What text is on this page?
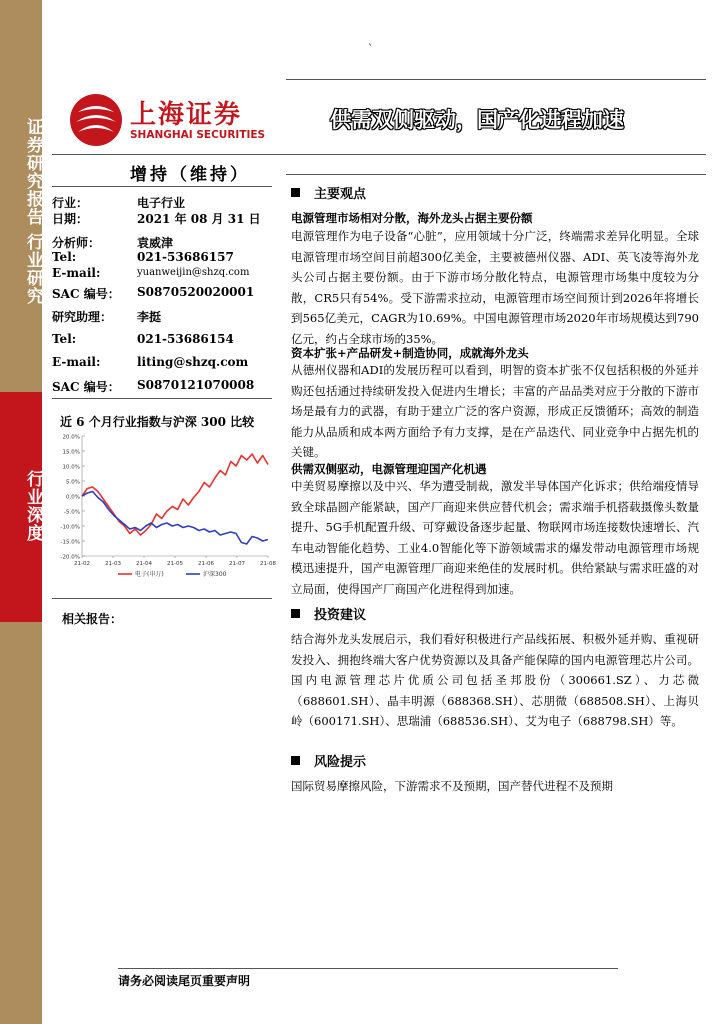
证券研究报告 行业研究
行业深度
ˋ
上海证券
SHANGHAI SECURITIES
供需双侧驱动，国产化进程加速
增持（维持）
行业：	电子行业
日期：	2021 年 08 月 31 日
分析师：	袁威津
Tel:	021-53686157
E-mail:	yuanweijin@shzq.com
SAC 编号： S0870520020001
研究助理： 李挺
Tel:	021-53686154
E-mail:	liting@shzq.com
SAC 编号： S0870121070008
近 6 个月行业指数与沪深 300 比较
20.0%
15.0%
10.0%
5.0%
0.0%
-5.0%
-10.0%
-15.0%
-20.0%
21-02	21-03	21-04	21-05	21-06	21-07	21-08
电子(申万)	沪深300
相关报告：
主要观点
电源管理市场相对分散，海外龙头占据主要份额
电源管理作为电子设备“心脏”，应用领域十分广泛，终端需求差异化明显。全球电源管理市场空间目前超300亿美金，主要被德州仪器、ADI、英飞凌等海外龙头公司占据主要份额。由于下游市场分散化特点，电源管理市场集中度较为分散，CR5只有54%。受下游需求拉动，电源管理市场空间预计到2026年将增长到565亿美元，CAGR为10.69%。中国电源管理市场2020年市场规模达到790亿元，约占全球市场的35%。
资本扩张+产品研发+制造协同，成就海外龙头
从德州仪器和ADI的发展历程可以看到，明智的资本扩张不仅包括积极的外延并购还包括通过持续研发投入促进内生增长；丰富的产品品类对应于分散的下游市场是最有力的武器，有助于建立广泛的客户资源，形成正反馈循环；高效的制造能力从品质和成本两方面给予有力支撑，是在产品迭代、同业竞争中占据先机的关键。
供需双侧驱动，电源管理迎国产化机遇
中美贸易摩擦以及中兴、华为遭受制裁，激发半导体国产化诉求；供给端疫情导致全球晶圆产能紧缺，国产厂商迎来供应替代机会；需求端手机搭载摄像头数量提升、5G手机配置升级、可穿戴设备逐步起量、物联网市场连接数快速增长、汽车电动智能化趋势、工业4.0智能化等下游领域需求的爆发带动电源管理市场规模迅速提升，国产电源管理厂商迎来绝佳的发展时机。供给紧缺与需求旺盛的对立局面，使得国产厂商国产化进程得到加速。
投资建议
结合海外龙头发展启示，我们看好积极进行产品线拓展、积极外延并购、重视研发投入、拥抱终端大客户优势资源以及具备产能保障的国内电源管理芯片公司。国内电源管理芯片优质公司包括圣邦股份（300661.SZ）、力芯微（688601.SH）、晶丰明源（688368.SH）、芯朋微（688508.SH）、上海贝岭（600171.SH）、思瑞浦（688536.SH）、艾为电子（688798.SH）等。
风险提示
国际贸易摩擦风险，下游需求不及预期，国产替代进程不及预期
请务必阅读尾页重要声明
